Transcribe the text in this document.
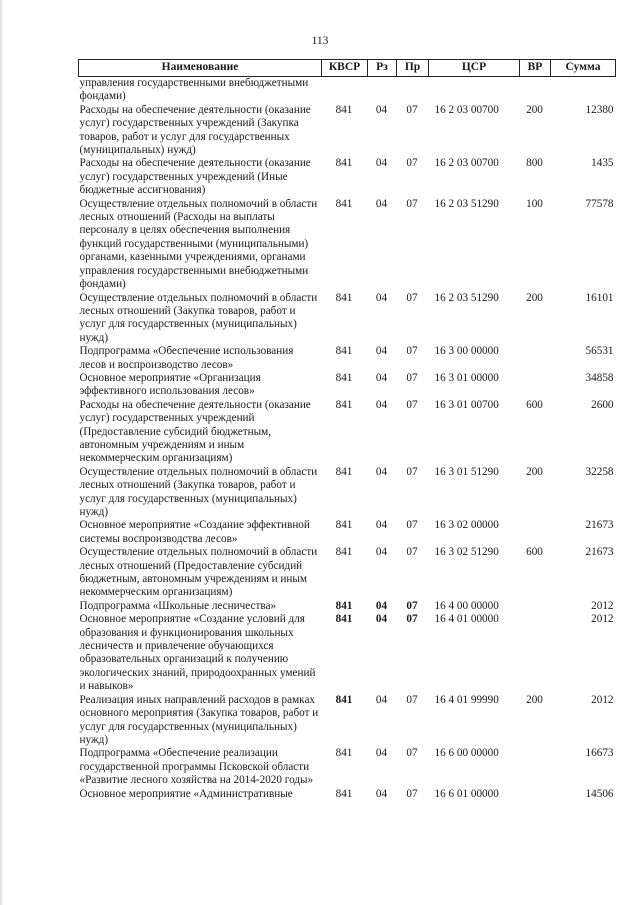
113
Наименование	КВСР	Рз	Пр	ЦСР	ВР	Сумма
управления государственными внебюджетными фондами)						
Расходы на обеспечение деятельности (оказание услуг) государственных учреждений (Закупка товаров, работ и услуг для государственных (муниципальных) нужд)	841	04	07	16 2 03 00700	200	12380
Расходы на обеспечение деятельности (оказание услуг) государственных учреждений (Иные бюджетные ассигнования)	841	04	07	16 2 03 00700	800	1435
Осуществление отдельных полномочий в области лесных отношений (Расходы на выплаты персоналу в целях обеспечения выполнения функций государственными (муниципальными) органами, казенными учреждениями, органами управления государственными внебюджетными фондами)	841	04	07	16 2 03 51290	100	77578
Осуществление отдельных полномочий в области лесных отношений (Закупка товаров, работ и услуг для государственных (муниципальных) нужд)	841	04	07	16 2 03 51290	200	16101
Подпрограмма «Обеспечение использования лесов и воспроизводство лесов»	841	04	07	16 3 00 00000		56531
Основное мероприятие «Организация эффективного использования лесов»	841	04	07	16 3 01 00000		34858
Расходы на обеспечение деятельности (оказание услуг) государственных учреждений (Предоставление субсидий бюджетным, автономным учреждениям и иным некоммерческим организациям)	841	04	07	16 3 01 00700	600	2600
Осуществление отдельных полномочий в области лесных отношений (Закупка товаров, работ и услуг для государственных (муниципальных) нужд)	841	04	07	16 3 01 51290	200	32258
Основное мероприятие «Создание эффективной системы воспроизводства лесов»	841	04	07	16 3 02 00000		21673
Осуществление отдельных полномочий в области лесных отношений (Предоставление субсидий бюджетным, автономным учреждениям и иным некоммерческим организациям)	841	04	07	16 3 02 51290	600	21673
Подпрограмма «Школьные лесничества»	841	04	07	16 4 00 00000		2012
Основное мероприятие «Создание условий для образования и функционирования школьных лесничеств и привлечение обучающихся образовательных организаций к получению экологических знаний, природоохранных умений и навыков»	841	04	07	16 4 01 00000		2012
Реализация иных направлений расходов в рамках основного мероприятия (Закупка товаров, работ и услуг для государственных (муниципальных) нужд)	841	04	07	16 4 01 99990	200	2012
Подпрограмма «Обеспечение реализации государственной программы Псковской области «Развитие лесного хозяйства на 2014-2020 годы»	841	04	07	16 6 00 00000		16673
Основное мероприятие «Административные	841	04	07	16 6 01 00000		14506
